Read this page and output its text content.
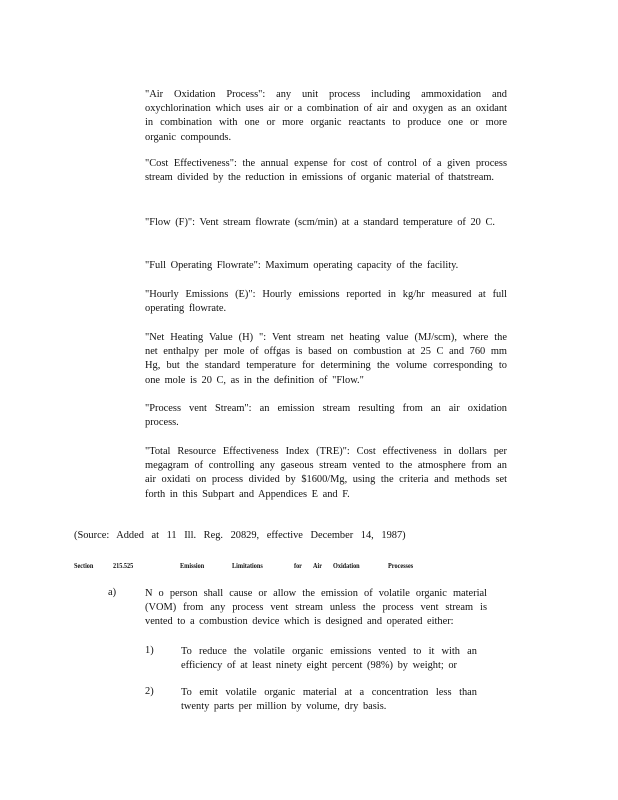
"Air Oxidation Process": any unit process including ammoxidation and oxychlorination which uses air or a combination of air and oxygen as an oxidant in combination with one or more organic reactants to produce one or more organic compounds.

"Cost Effectiveness": the annual expense for cost of control of a given process stream divided by the reduction in emissions of organic material of thatstream.

"Flow (F)": Vent stream flowrate (scm/min) at a standard temperature of 20 C.

"Full Operating Flowrate": Maximum operating capacity of the facility.

"Hourly Emissions (E)": Hourly emissions reported in kg/hr measured at full operating flowrate.

"Net Heating Value (H) ": Vent stream net heating value (MJ/scm), where the net enthalpy per mole of offgas is based on combustion at 25 C and 760 mm Hg, but the standard temperature for determining the volume corresponding to one mole is 20 C, as in the definition of "Flow."

"Process vent Stream": an emission stream resulting from an air oxidation process.

"Total Resource Effectiveness Index (TRE)": Cost effectiveness in dollars per megagram of controlling any gaseous stream vented to the atmosphere from an air oxidati on process divided by $1600/Mg, using the criteria and methods set forth in this Subpart and Appendices E and F.

(Source: Added at 11 Ill. Reg. 20829, effective December 14, 1987)
Section	215.525	Emission	Limitations	for Air Oxidation	Processes
a)	N o person shall cause or allow the emission of volatile organic material (VOM) from any process vent stream unless the process vent stream is vented to a combustion device which is designed and operated either:

1)	To reduce the volatile organic emissions vented to it with an efficiency of at least ninety eight percent (98%) by weight; or

2)	To emit volatile organic material at a concentration less than twenty parts per million by volume, dry basis.
